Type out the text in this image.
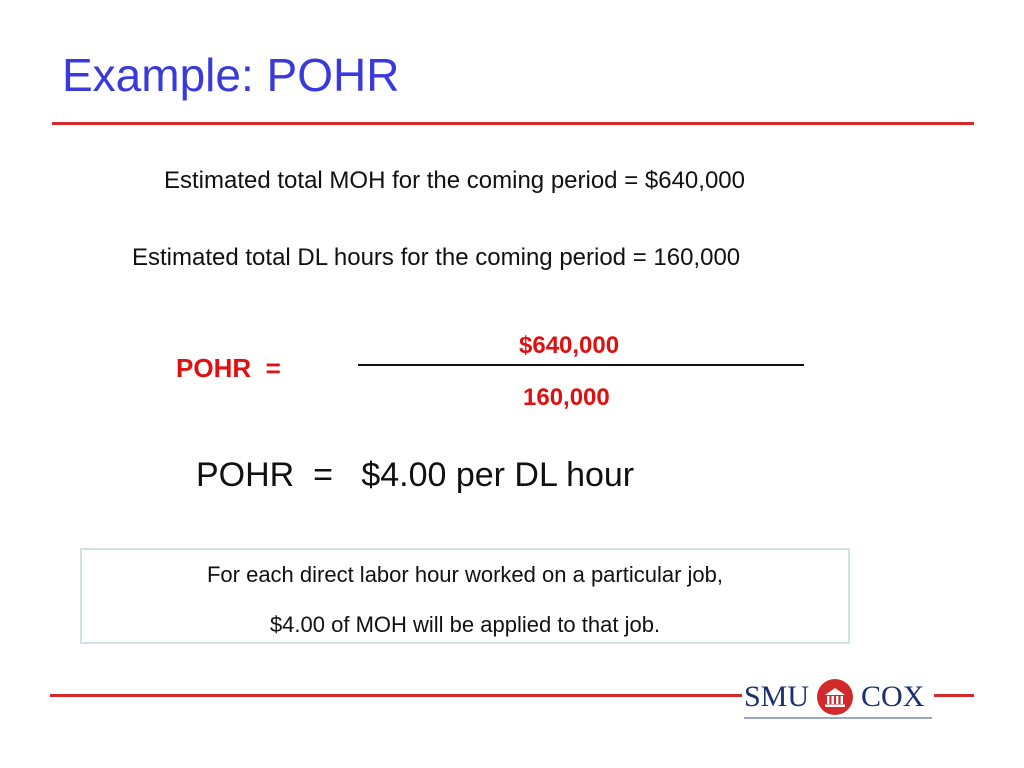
Example: POHR
Estimated total MOH for the coming period = $640,000
Estimated total DL hours for the coming period = 160,000
POHR  =
$640,000
160,000
POHR  =   $4.00 per DL hour
For each direct labor hour worked on a particular job,
$4.00 of MOH will be applied to that job.
SMU COX
